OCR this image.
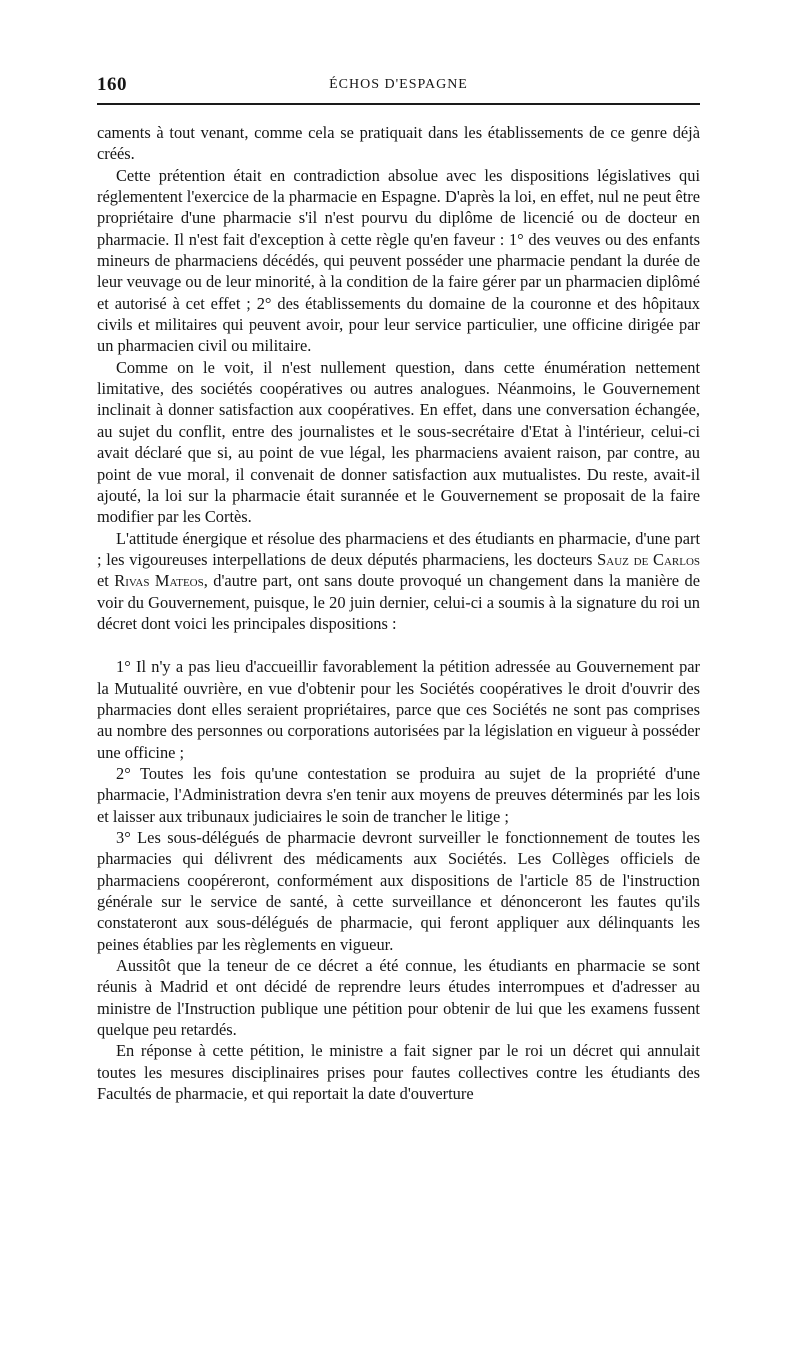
160	ÉCHOS D'ESPAGNE

caments à tout venant, comme cela se pratiquait dans les établissements de ce genre déjà créés.

Cette prétention était en contradiction absolue avec les dispositions législatives qui réglementent l'exercice de la pharmacie en Espagne. D'après la loi, en effet, nul ne peut être propriétaire d'une pharmacie s'il n'est pourvu du diplôme de licencié ou de docteur en pharmacie. Il n'est fait d'exception à cette règle qu'en faveur : 1° des veuves ou des enfants mineurs de pharmaciens décédés, qui peuvent posséder une pharmacie pendant la durée de leur veuvage ou de leur minorité, à la condition de la faire gérer par un pharmacien diplômé et autorisé à cet effet ; 2° des établissements du domaine de la couronne et des hôpitaux civils et militaires qui peuvent avoir, pour leur service particulier, une officine dirigée par un pharmacien civil ou militaire.

Comme on le voit, il n'est nullement question, dans cette énumération nettement limitative, des sociétés coopératives ou autres analogues. Néanmoins, le Gouvernement inclinait à donner satisfaction aux coopératives. En effet, dans une conversation échangée, au sujet du conflit, entre des journalistes et le sous-secrétaire d'Etat à l'intérieur, celui-ci avait déclaré que si, au point de vue légal, les pharmaciens avaient raison, par contre, au point de vue moral, il convenait de donner satisfaction aux mutualistes. Du reste, avait-il ajouté, la loi sur la pharmacie était surannée et le Gouvernement se proposait de la faire modifier par les Cortès.

L'attitude énergique et résolue des pharmaciens et des étudiants en pharmacie, d'une part ; les vigoureuses interpellations de deux députés pharmaciens, les docteurs Sauz de Carlos et Rivas Mateos, d'autre part, ont sans doute provoqué un changement dans la manière de voir du Gouvernement, puisque, le 20 juin dernier, celui-ci a soumis à la signature du roi un décret dont voici les principales dispositions :

1° Il n'y a pas lieu d'accueillir favorablement la pétition adressée au Gouvernement par la Mutualité ouvrière, en vue d'obtenir pour les Sociétés coopératives le droit d'ouvrir des pharmacies dont elles seraient propriétaires, parce que ces Sociétés ne sont pas comprises au nombre des personnes ou corporations autorisées par la législation en vigueur à posséder une officine ;

2° Toutes les fois qu'une contestation se produira au sujet de la propriété d'une pharmacie, l'Administration devra s'en tenir aux moyens de preuves déterminés par les lois et laisser aux tribunaux judiciaires le soin de trancher le litige ;

3° Les sous-délégués de pharmacie devront surveiller le fonctionnement de toutes les pharmacies qui délivrent des médicaments aux Sociétés. Les Collèges officiels de pharmaciens coopéreront, conformément aux dispositions de l'article 85 de l'instruction générale sur le service de santé, à cette surveillance et dénonceront les fautes qu'ils constateront aux sous-délégués de pharmacie, qui feront appliquer aux délinquants les peines établies par les règlements en vigueur.

Aussitôt que la teneur de ce décret a été connue, les étudiants en pharmacie se sont réunis à Madrid et ont décidé de reprendre leurs études interrompues et d'adresser au ministre de l'Instruction publique une pétition pour obtenir de lui que les examens fussent quelque peu retardés.

En réponse à cette pétition, le ministre a fait signer par le roi un décret qui annulait toutes les mesures disciplinaires prises pour fautes collectives contre les étudiants des Facultés de pharmacie, et qui reportait la date d'ouverture
